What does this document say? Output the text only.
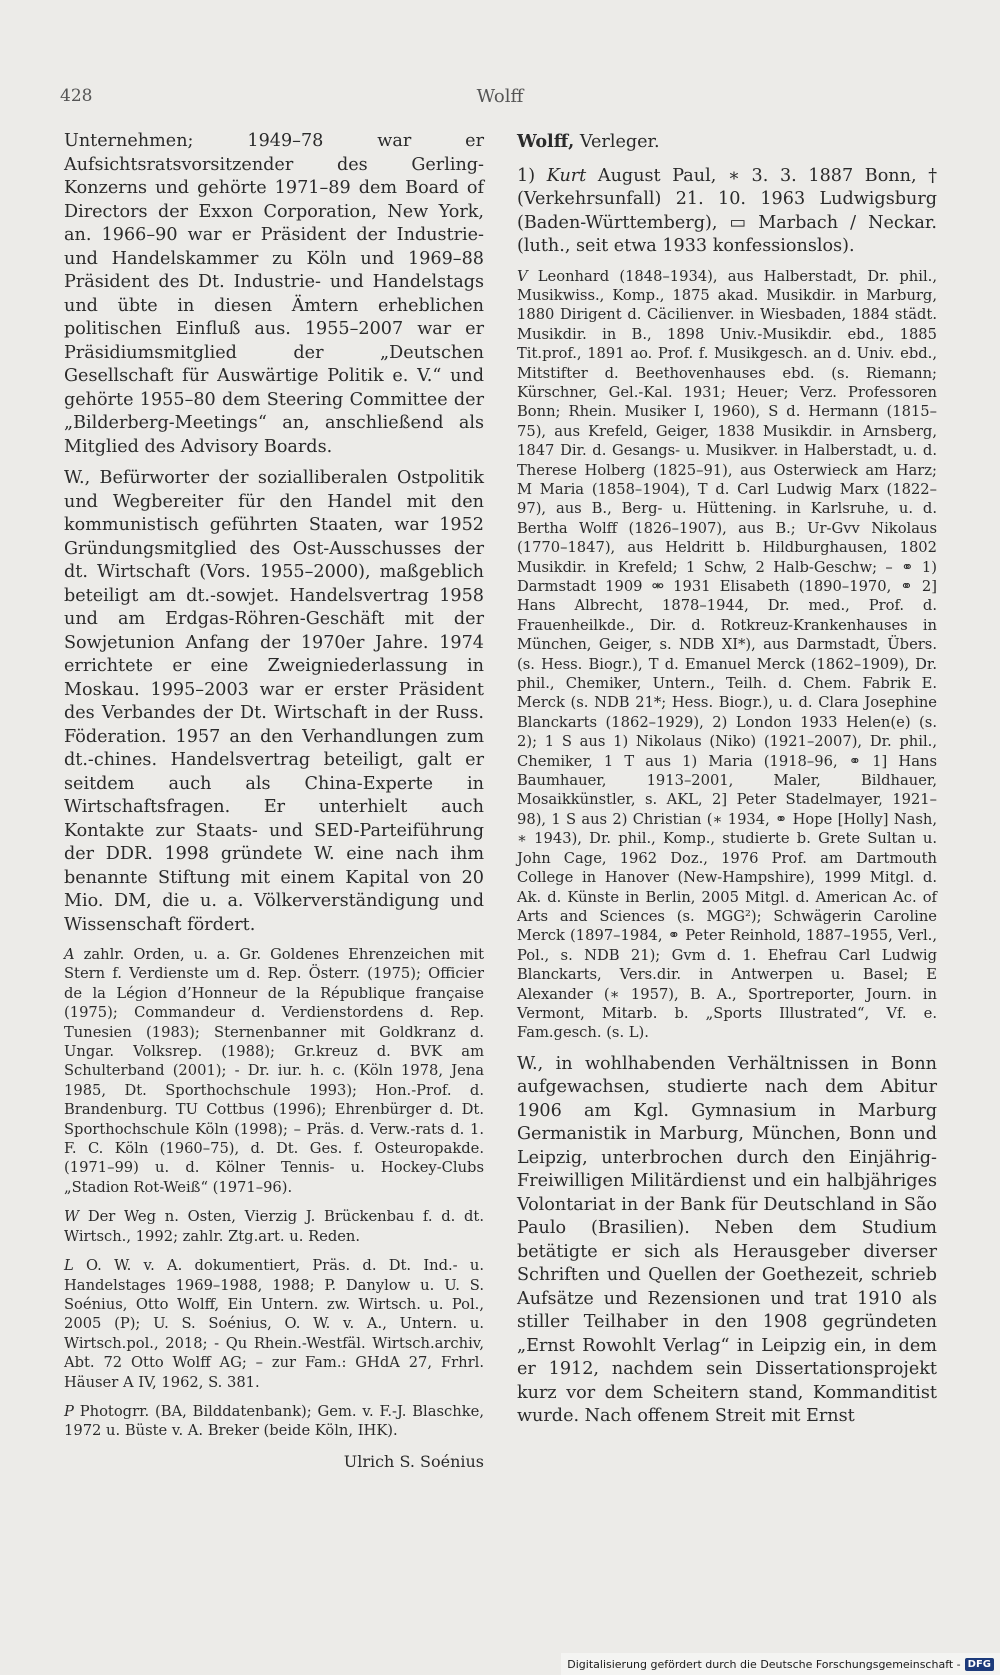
428	Wolff

Unternehmen; 1949–78 war er Aufsichtsratsvorsitzender des Gerling-Konzerns und gehörte 1971–89 dem Board of Directors der Exxon Corporation, New York, an. 1966–90 war er Präsident der Industrie- und Handelskammer zu Köln und 1969–88 Präsident des Dt. Industrie- und Handelstags und übte in diesen Ämtern erheblichen politischen Einfluß aus. 1955–2007 war er Präsidiumsmitglied der „Deutschen Gesellschaft für Auswärtige Politik e. V.“ und gehörte 1955–80 dem Steering Committee der „Bilderberg-Meetings“ an, anschließend als Mitglied des Advisory Boards.

W., Befürworter der sozialliberalen Ostpolitik und Wegbereiter für den Handel mit den kommunistisch geführten Staaten, war 1952 Gründungsmitglied des Ost-Ausschusses der dt. Wirtschaft (Vors. 1955–2000), maßgeblich beteiligt am dt.-sowjet. Handelsvertrag 1958 und am Erdgas-Röhren-Geschäft mit der Sowjetunion Anfang der 1970er Jahre. 1974 errichtete er eine Zweigniederlassung in Moskau. 1995–2003 war er erster Präsident des Verbandes der Dt. Wirtschaft in der Russ. Föderation. 1957 an den Verhandlungen zum dt.-chines. Handelsvertrag beteiligt, galt er seitdem auch als China-Experte in Wirtschaftsfragen. Er unterhielt auch Kontakte zur Staats- und SED-Parteiführung der DDR. 1998 gründete W. eine nach ihm benannte Stiftung mit einem Kapital von 20 Mio. DM, die u. a. Völkerverständigung und Wissenschaft fördert.

A zahlr. Orden, u. a. Gr. Goldenes Ehrenzeichen mit Stern f. Verdienste um d. Rep. Österr. (1975); Officier de la Légion d’Honneur de la République française (1975); Commandeur d. Verdienstordens d. Rep. Tunesien (1983); Sternenbanner mit Goldkranz d. Ungar. Volksrep. (1988); Gr.kreuz d. BVK am Schulterband (2001); - Dr. iur. h. c. (Köln 1978, Jena 1985, Dt. Sporthochschule 1993); Hon.-Prof. d. Brandenburg. TU Cottbus (1996); Ehrenbürger d. Dt. Sporthochschule Köln (1998); – Präs. d. Verw.-rats d. 1. F. C. Köln (1960–75), d. Dt. Ges. f. Osteuropakde. (1971–99) u. d. Kölner Tennis- u. Hockey-Clubs „Stadion Rot-Weiß“ (1971–96).

W Der Weg n. Osten, Vierzig J. Brückenbau f. d. dt. Wirtsch., 1992; zahlr. Ztg.art. u. Reden.

L O. W. v. A. dokumentiert, Präs. d. Dt. Ind.- u. Handelstages 1969–1988, 1988; P. Danylow u. U. S. Soénius, Otto Wolff, Ein Untern. zw. Wirtsch. u. Pol., 2005 (P); U. S. Soénius, O. W. v. A., Untern. u. Wirtsch.pol., 2018; - Qu Rhein.-Westfäl. Wirtsch.archiv, Abt. 72 Otto Wolff AG; – zur Fam.: GHdA 27, Frhrl. Häuser A IV, 1962, S. 381.

P Photogrr. (BA, Bilddatenbank); Gem. v. F.-J. Blaschke, 1972 u. Büste v. A. Breker (beide Köln, IHK).

Ulrich S. Soénius

Wolff, Verleger.

1) Kurt August Paul, ∗ 3. 3. 1887 Bonn, † (Verkehrsunfall) 21. 10. 1963 Ludwigsburg (Baden-Württemberg), ▭ Marbach / Neckar. (luth., seit etwa 1933 konfessionslos).

V Leonhard (1848–1934), aus Halberstadt, Dr. phil., Musikwiss., Komp., 1875 akad. Musikdir. in Marburg, 1880 Dirigent d. Cäcilienver. in Wiesbaden, 1884 städt. Musikdir. in B., 1898 Univ.-Musikdir. ebd., 1885 Tit.prof., 1891 ao. Prof. f. Musikgesch. an d. Univ. ebd., Mitstifter d. Beethovenhauses ebd. (s. Riemann; Kürschner, Gel.-Kal. 1931; Heuer; Verz. Professoren Bonn; Rhein. Musiker I, 1960), S d. Hermann (1815–75), aus Krefeld, Geiger, 1838 Musikdir. in Arnsberg, 1847 Dir. d. Gesangs- u. Musikver. in Halberstadt, u. d. Therese Holberg (1825–91), aus Osterwieck am Harz; M Maria (1858–1904), T d. Carl Ludwig Marx (1822–97), aus B., Berg- u. Hüttening. in Karlsruhe, u. d. Bertha Wolff (1826–1907), aus B.; Ur-Gvv Nikolaus (1770–1847), aus Heldritt b. Hildburghausen, 1802 Musikdir. in Krefeld; 1 Schw, 2 Halb-Geschw; – ⚭ 1) Darmstadt 1909 ⚮ 1931 Elisabeth (1890–1970, ⚭ 2] Hans Albrecht, 1878–1944, Dr. med., Prof. d. Frauenheilkde., Dir. d. Rotkreuz-Krankenhauses in München, Geiger, s. NDB XI*), aus Darmstadt, Übers. (s. Hess. Biogr.), T d. Emanuel Merck (1862–1909), Dr. phil., Chemiker, Untern., Teilh. d. Chem. Fabrik E. Merck (s. NDB 21*; Hess. Biogr.), u. d. Clara Josephine Blanckarts (1862–1929), 2) London 1933 Helen(e) (s. 2); 1 S aus 1) Nikolaus (Niko) (1921–2007), Dr. phil., Chemiker, 1 T aus 1) Maria (1918–96, ⚭ 1] Hans Baumhauer, 1913–2001, Maler, Bildhauer, Mosaikkünstler, s. AKL, 2] Peter Stadelmayer, 1921–98), 1 S aus 2) Christian (∗ 1934, ⚭ Hope [Holly] Nash, ∗ 1943), Dr. phil., Komp., studierte b. Grete Sultan u. John Cage, 1962 Doz., 1976 Prof. am Dartmouth College in Hanover (New-Hampshire), 1999 Mitgl. d. Ak. d. Künste in Berlin, 2005 Mitgl. d. American Ac. of Arts and Sciences (s. MGG²); Schwägerin Caroline Merck (1897–1984, ⚭ Peter Reinhold, 1887–1955, Verl., Pol., s. NDB 21); Gvm d. 1. Ehefrau Carl Ludwig Blanckarts, Vers.dir. in Antwerpen u. Basel; E Alexander (∗ 1957), B. A., Sportreporter, Journ. in Vermont, Mitarb. b. „Sports Illustrated“, Vf. e. Fam.gesch. (s. L).

W., in wohlhabenden Verhältnissen in Bonn aufgewachsen, studierte nach dem Abitur 1906 am Kgl. Gymnasium in Marburg Germanistik in Marburg, München, Bonn und Leipzig, unterbrochen durch den Einjährig-Freiwilligen Militärdienst und ein halbjähriges Volontariat in der Bank für Deutschland in São Paulo (Brasilien). Neben dem Studium betätigte er sich als Herausgeber diverser Schriften und Quellen der Goethezeit, schrieb Aufsätze und Rezensionen und trat 1910 als stiller Teilhaber in den 1908 gegründeten „Ernst Rowohlt Verlag“ in Leipzig ein, in dem er 1912, nachdem sein Dissertationsprojekt kurz vor dem Scheitern stand, Kommanditist wurde. Nach offenem Streit mit Ernst

Digitalisierung gefördert durch die Deutsche Forschungsgemeinschaft - DFG
